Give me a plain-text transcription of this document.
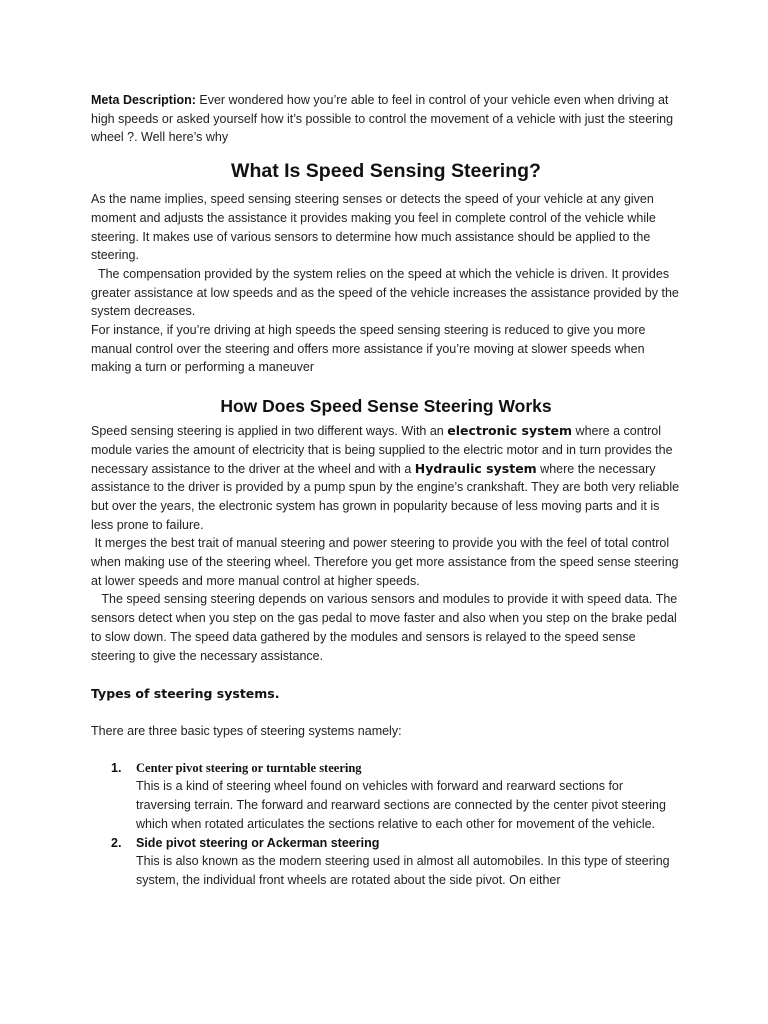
Meta Description: Ever wondered how you’re able to feel in control of your vehicle even when driving at high speeds or asked yourself how it’s possible to control the movement of a vehicle with just the steering wheel ?. Well here’s why

What Is Speed Sensing Steering?

As the name implies, speed sensing steering senses or detects the speed of your vehicle at any given moment and adjusts the assistance it provides making you feel in complete control of the vehicle while steering. It makes use of various sensors to determine how much assistance should be applied to the steering.

The compensation provided by the system relies on the speed at which the vehicle is driven. It provides greater assistance at low speeds and as the speed of the vehicle increases the assistance provided by the system decreases.

For instance, if you’re driving at high speeds the speed sensing steering is reduced to give you more manual control over the steering and offers more assistance if you’re moving at slower speeds when making a turn or performing a maneuver

How Does Speed Sense Steering Works

Speed sensing steering is applied in two different ways. With an electronic system where a control module varies the amount of electricity that is being supplied to the electric motor and in turn provides the necessary assistance to the driver at the wheel and with a Hydraulic system where the necessary assistance to the driver is provided by a pump spun by the engine’s crankshaft. They are both very reliable but over the years, the electronic system has grown in popularity because of less moving parts and it is less prone to failure.

It merges the best trait of manual steering and power steering to provide you with the feel of total control when making use of the steering wheel. Therefore you get more assistance from the speed sense steering at lower speeds and more manual control at higher speeds.

The speed sensing steering depends on various sensors and modules to provide it with speed data. The sensors detect when you step on the gas pedal to move faster and also when you step on the brake pedal to slow down. The speed data gathered by the modules and sensors is relayed to the speed sense steering to give the necessary assistance.

Types of steering systems.

There are three basic types of steering systems namely:

1. Center pivot steering or turntable steering
This is a kind of steering wheel found on vehicles with forward and rearward sections for traversing terrain. The forward and rearward sections are connected by the center pivot steering which when rotated articulates the sections relative to each other for movement of the vehicle.
2. Side pivot steering or Ackerman steering
This is also known as the modern steering used in almost all automobiles. In this type of steering system, the individual front wheels are rotated about the side pivot. On either
